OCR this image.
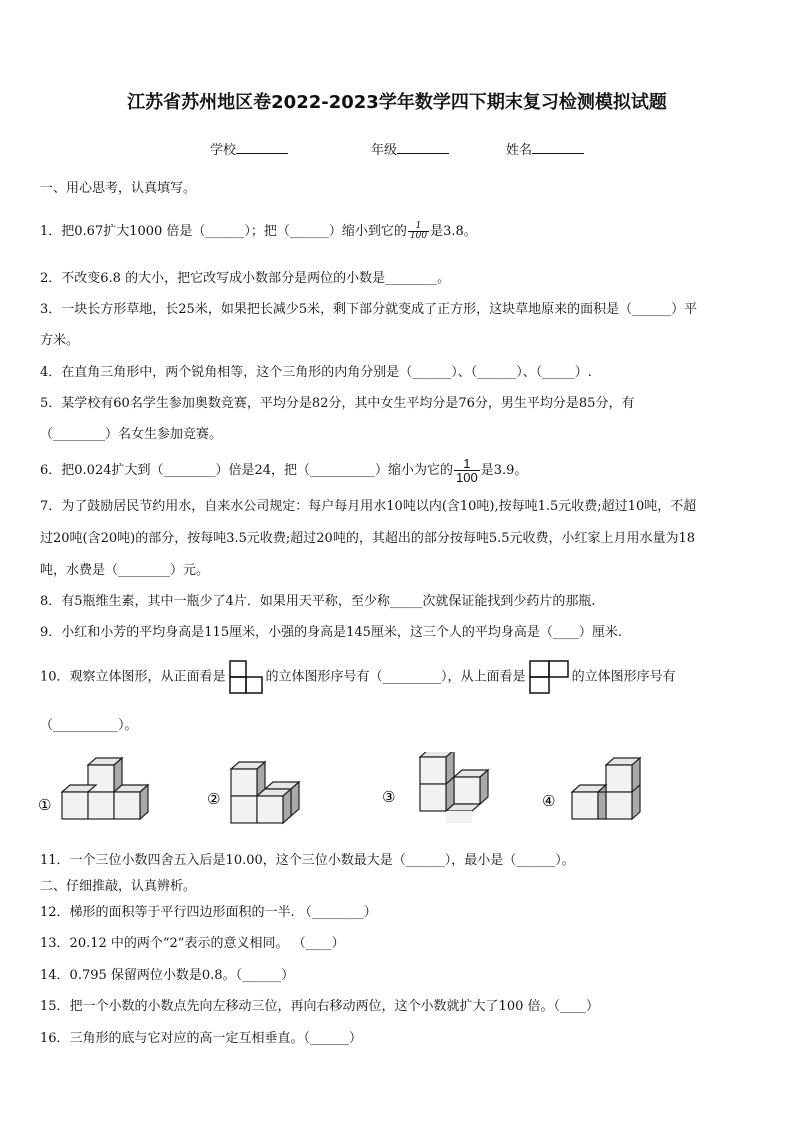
江苏省苏州地区卷2022-2023学年数学四下期末复习检测模拟试题
学校	年级	姓名
一、用心思考，认真填写。
1．把0.67扩大1000 倍是（______）；把（______）缩小到它的 $\frac{1}{100}$ 是3.8。
2．不改变6.8 的大小，把它改写成小数部分是两位的小数是________。
3．一块长方形草地，长25米，如果把长减少5米，剩下部分就变成了正方形，这块草地原来的面积是（______）平
方米。
4．在直角三角形中，两个锐角相等，这个三角形的内角分别是（______）、（______）、（_____）.
5．某学校有60名学生参加奥数竞赛，平均分是82分，其中女生平均分是76分，男生平均分是85分，有
（________）名女生参加竞赛。
6．把0.024扩大到（________）倍是24，把（__________）缩小为它的 $\frac{1}{100}$ 是3.9。
7．为了鼓励居民节约用水，自来水公司规定：每户每月用水10吨以内(含10吨),按每吨1.5元收费;超过10吨，不超
过20吨(含20吨)的部分，按每吨3.5元收费;超过20吨的，其超出的部分按每吨5.5元收费，小红家上月用水量为18
吨，水费是（________）元。
8．有5瓶维生素，其中一瓶少了4片．如果用天平称，至少称_____次就保证能找到少药片的那瓶.
9．小红和小芳的平均身高是115厘米，小强的身高是145厘米，这三个人的平均身高是（____）厘米.
10．观察立体图形，从正面看是	的立体图形序号有（_________），从上面看是	的立体图形序号有
（__________）。
①	②	③	④
11．一个三位小数四舍五入后是10.00，这个三位小数最大是（______），最小是（______）。
二、仔细推敲，认真辨析。
12．梯形的面积等于平行四边形面积的一半. （________）
13．20.12 中的两个“2”表示的意义相同。 （____）
14．0.795 保留两位小数是0.8。（______）
15．把一个小数的小数点先向左移动三位，再向右移动两位，这个小数就扩大了100 倍。（____）
16．三角形的底与它对应的高一定互相垂直。（______）
